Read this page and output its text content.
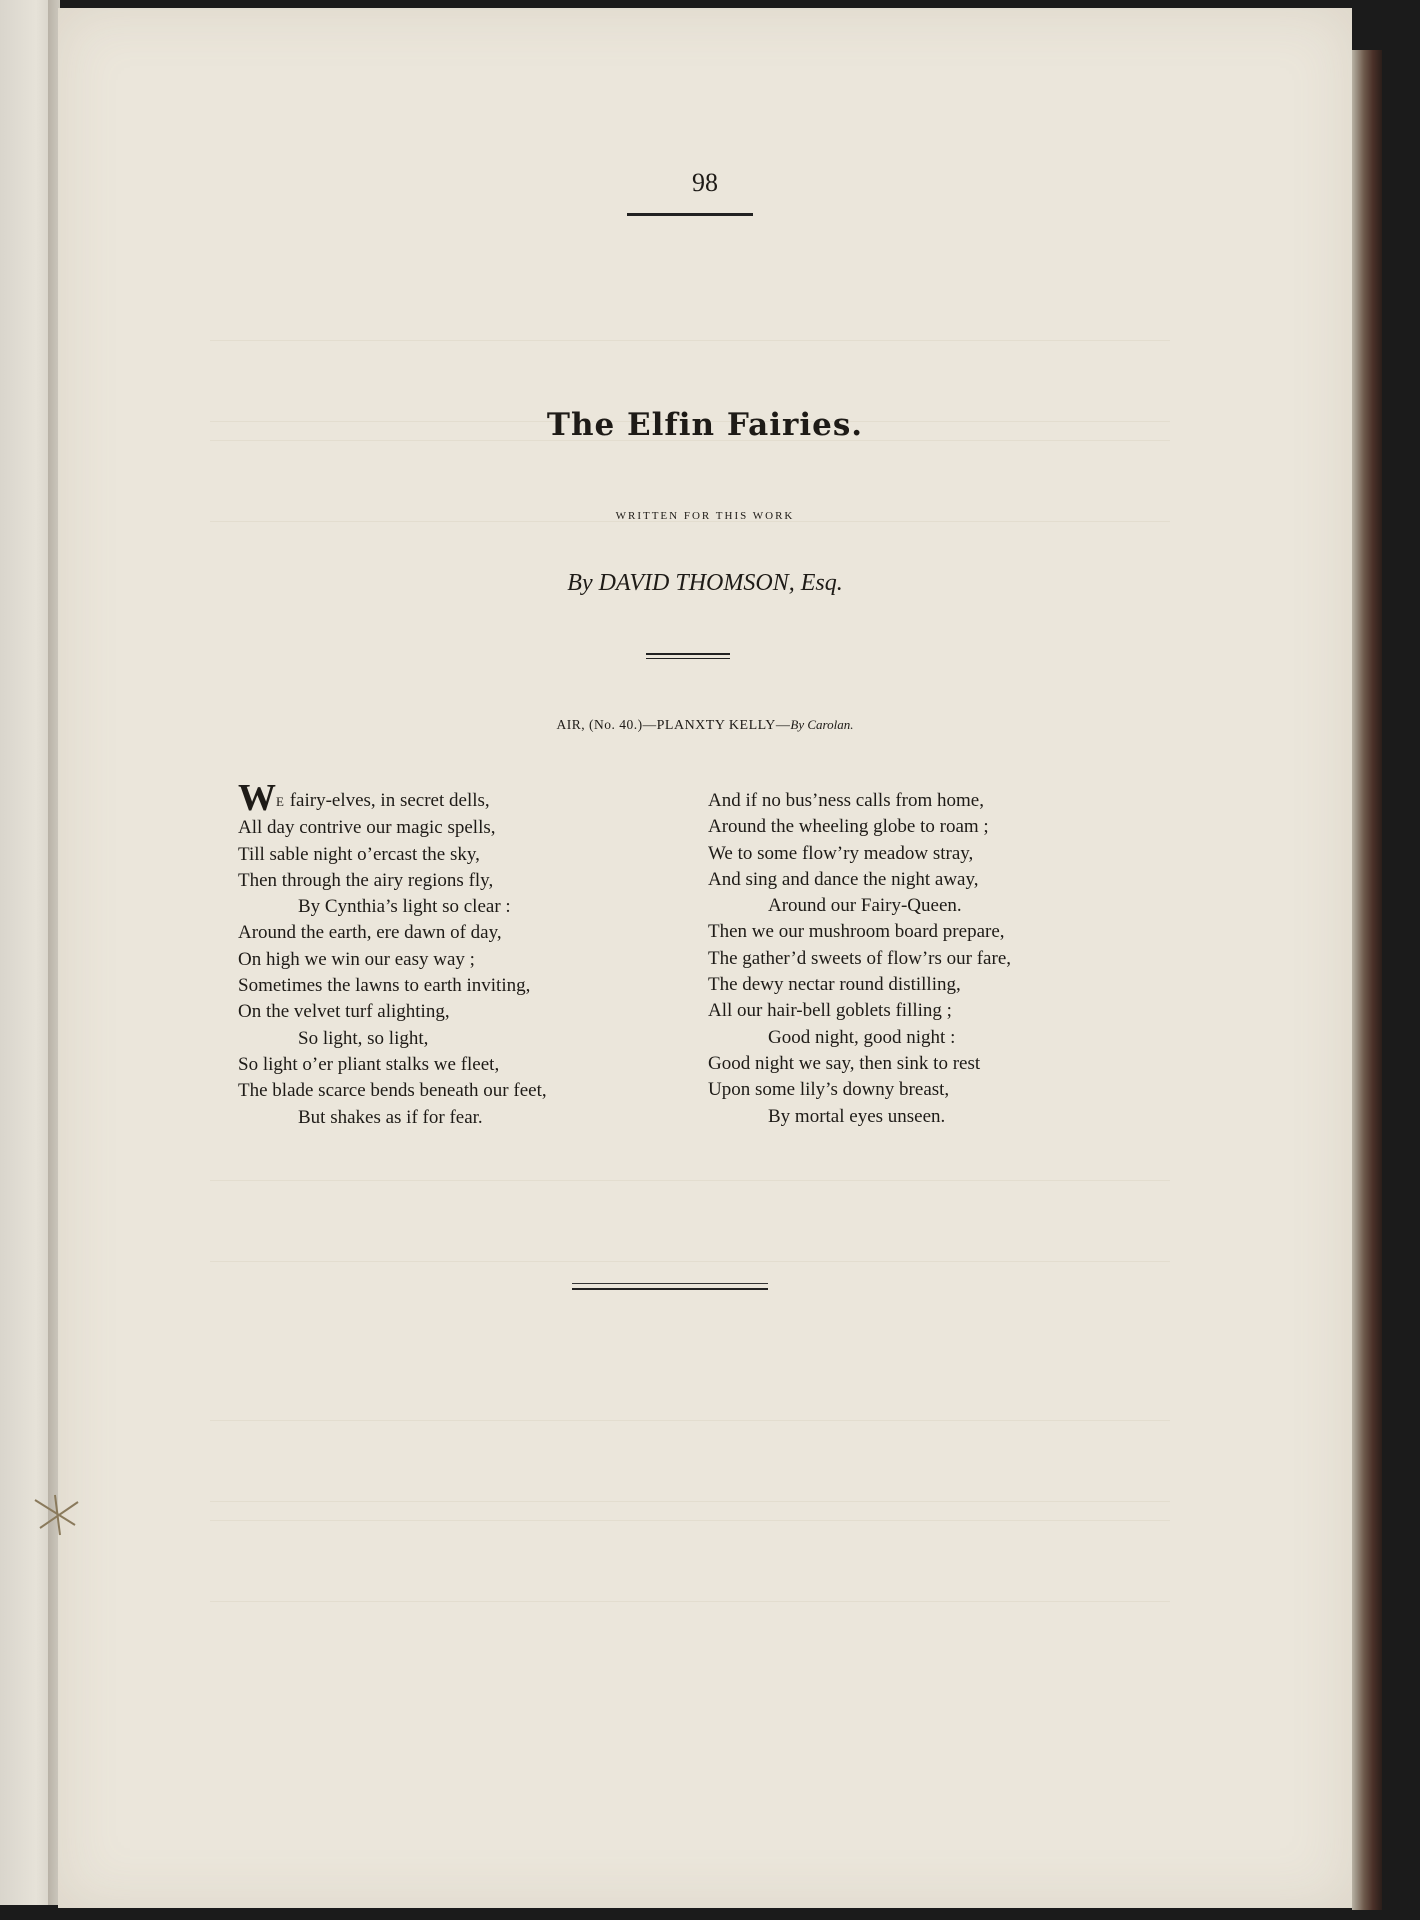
98
The Elfin Fairies.
WRITTEN FOR THIS WORK
By DAVID THOMSON, Esq.
AIR, (No. 40.)—PLANXTY KELLY—By Carolan.
WE fairy-elves, in secret dells,
All day contrive our magic spells,
Till sable night o’ercast the sky,
Then through the airy regions fly,
By Cynthia’s light so clear :
Around the earth, ere dawn of day,
On high we win our easy way ;
Sometimes the lawns to earth inviting,
On the velvet turf alighting,
So light, so light,
So light o’er pliant stalks we fleet,
The blade scarce bends beneath our feet,
But shakes as if for fear.
And if no bus’ness calls from home,
Around the wheeling globe to roam ;
We to some flow’ry meadow stray,
And sing and dance the night away,
Around our Fairy-Queen.
Then we our mushroom board prepare,
The gather’d sweets of flow’rs our fare,
The dewy nectar round distilling,
All our hair-bell goblets filling ;
Good night, good night :
Good night we say, then sink to rest
Upon some lily’s downy breast,
By mortal eyes unseen.
